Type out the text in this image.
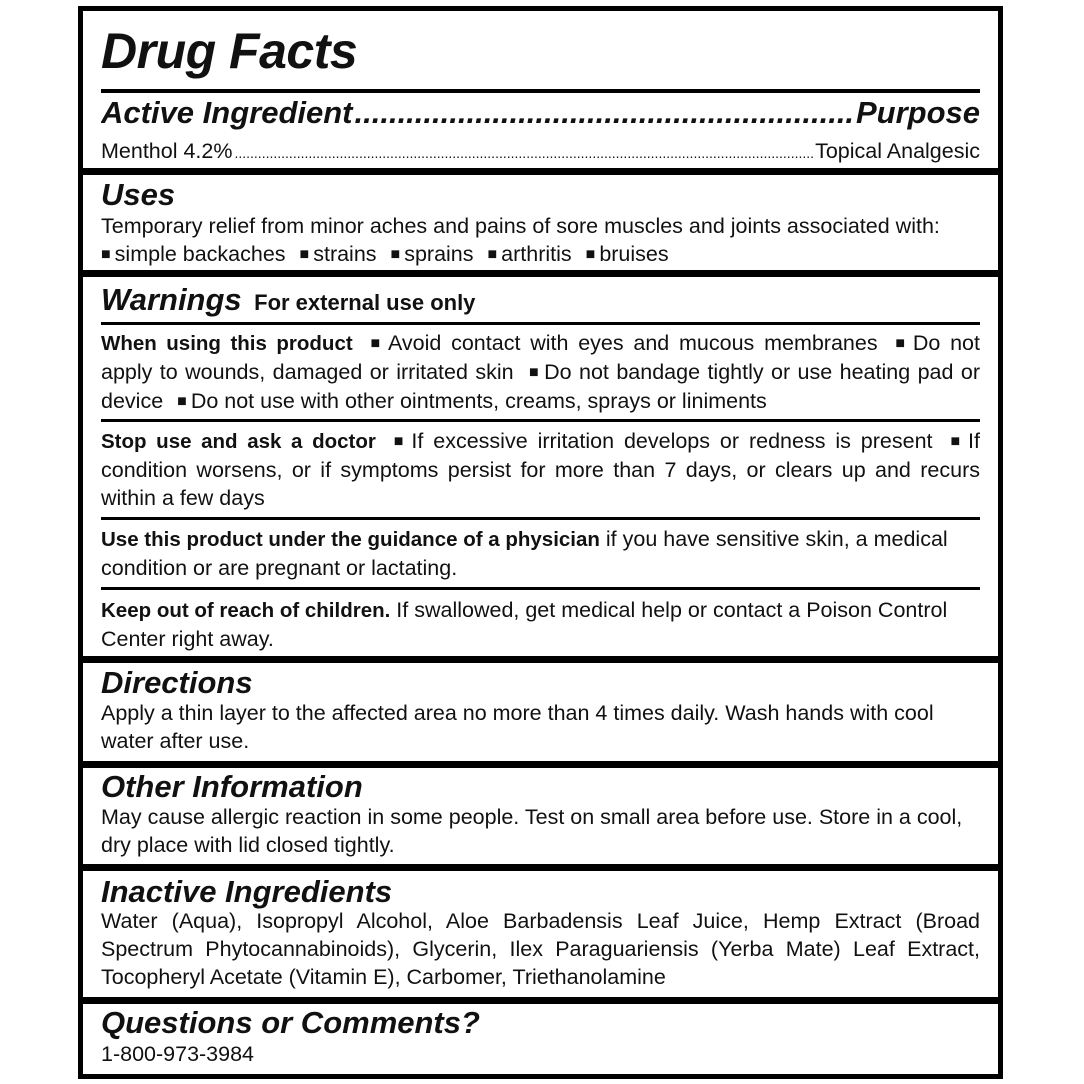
Drug Facts
Active Ingredient .....	Purpose
Menthol 4.2% .....	Topical Analgesic
Uses
Temporary relief from minor aches and pains of sore muscles and joints associated with:
■ simple backaches ■ strains ■ sprains ■ arthritis ■ bruises
Warnings For external use only
When using this product ■ Avoid contact with eyes and mucous membranes ■ Do not apply to wounds, damaged or irritated skin ■ Do not bandage tightly or use heating pad or device ■ Do not use with other ointments, creams, sprays or liniments
Stop use and ask a doctor ■ If excessive irritation develops or redness is present ■ If condition worsens, or if symptoms persist for more than 7 days, or clears up and recurs within a few days
Use this product under the guidance of a physician if you have sensitive skin, a medical condition or are pregnant or lactating.
Keep out of reach of children. If swallowed, get medical help or contact a Poison Control Center right away.
Directions
Apply a thin layer to the affected area no more than 4 times daily. Wash hands with cool water after use.
Other Information
May cause allergic reaction in some people. Test on small area before use. Store in a cool, dry place with lid closed tightly.
Inactive Ingredients
Water (Aqua), Isopropyl Alcohol, Aloe Barbadensis Leaf Juice, Hemp Extract (Broad Spectrum Phytocannabinoids), Glycerin, Ilex Paraguariensis (Yerba Mate) Leaf Extract, Tocopheryl Acetate (Vitamin E), Carbomer, Triethanolamine
Questions or Comments?
1-800-973-3984
